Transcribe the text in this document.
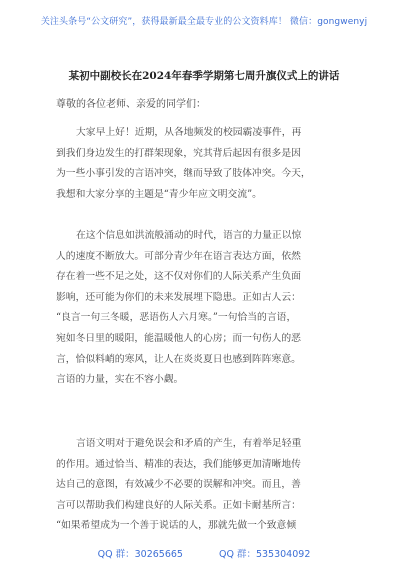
关注头条号“公文研究”，获得最新最全最专业的公文资料库！ 微信：gongwenyj
某初中副校长在2024年春季学期第七周升旗仪式上的讲话
尊敬的各位老师、亲爱的同学们：
大家早上好！近期，从各地频发的校园霸凌事件，再
到我们身边发生的打群架现象，究其背后起因有很多是因
为一些小事引发的言语冲突，继而导致了肢体冲突。今天，
我想和大家分享的主题是“青少年应文明交流”。
在这个信息如洪流般涌动的时代，语言的力量正以惊
人的速度不断放大。可部分青少年在语言表达方面，依然
存在着一些不足之处，这不仅对你们的人际关系产生负面
影响，还可能为你们的未来发展埋下隐患。正如古人云：
“良言一句三冬暖，恶语伤人六月寒。”一句恰当的言语，
宛如冬日里的暖阳，能温暖他人的心房；而一句伤人的恶
言，恰似料峭的寒风，让人在炎炎夏日也感到阵阵寒意。
言语的力量，实在不容小觑。
言语文明对于避免误会和矛盾的产生，有着举足轻重
的作用。通过恰当、精准的表达，我们能够更加清晰地传
达自己的意图，有效减少不必要的误解和冲突。而且，善
言可以帮助我们构建良好的人际关系。正如卡耐基所言：
“如果希望成为一个善于说话的人，那就先做一个致意倾
QQ 群：30265665	QQ 群：535304092
